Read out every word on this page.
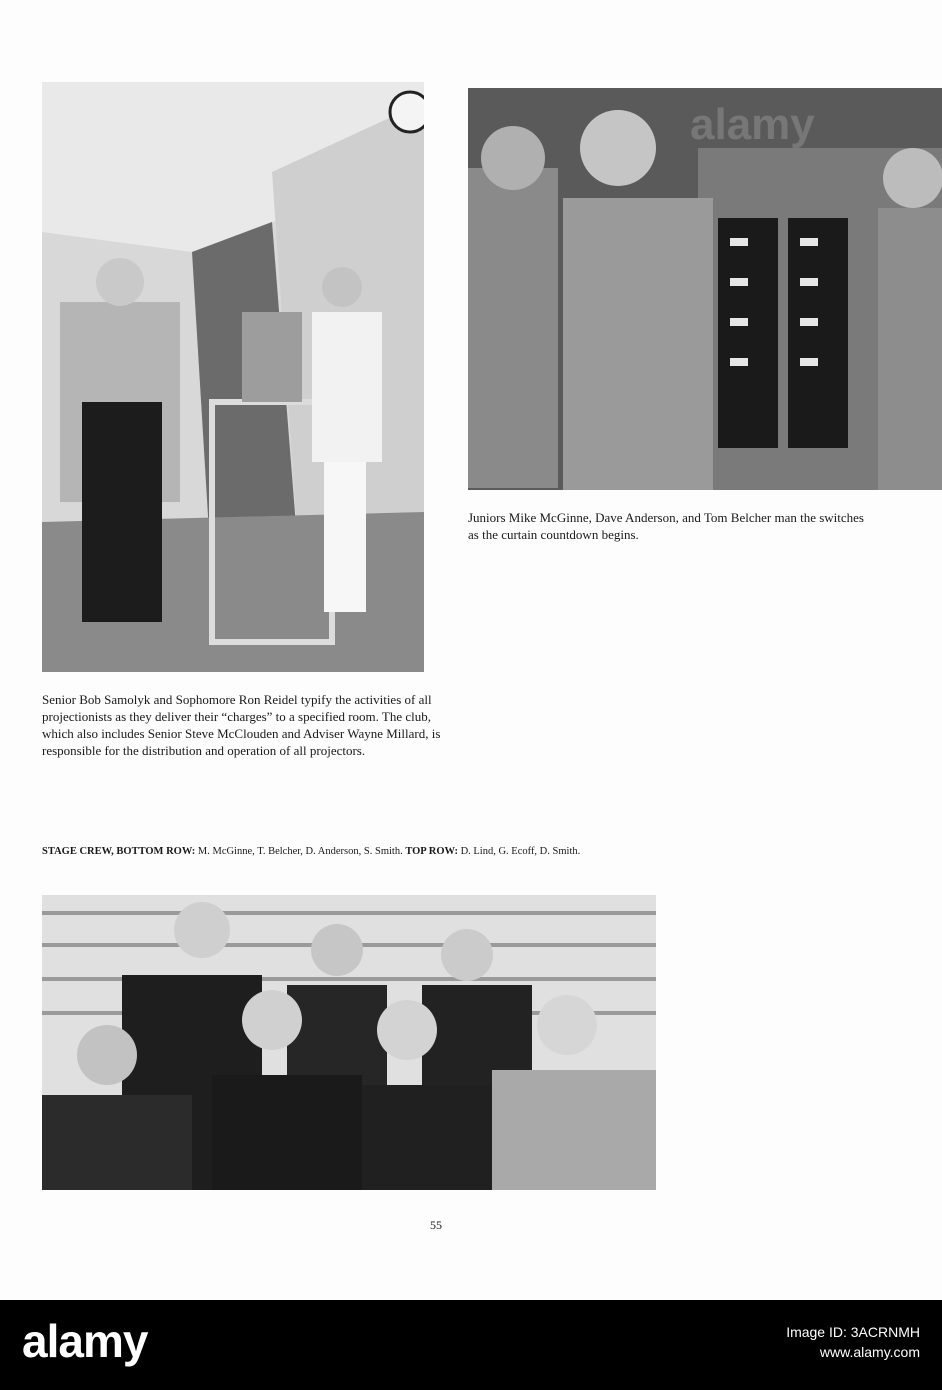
Juniors Mike McGinne, Dave Anderson, and Tom Belcher man the switches as the curtain countdown begins.
Senior Bob Samolyk and Sophomore Ron Reidel typify the activities of all projectionists as they deliver their “charges” to a specified room. The club, which also includes Senior Steve McClouden and Adviser Wayne Millard, is responsible for the distribution and operation of all projectors.
STAGE CREW, BOTTOM ROW: M. McGinne, T. Belcher, D. Anderson, S. Smith. TOP ROW: D. Lind, G. Ecoff, D. Smith.
55
alamy	Image ID: 3ACRNMH
www.alamy.com
